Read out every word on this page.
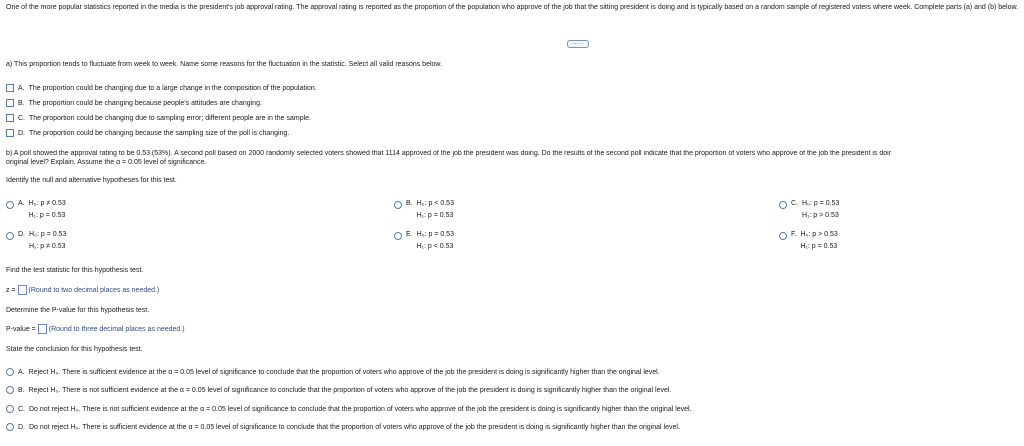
One of the more popular statistics reported in the media is the president's job approval rating. The approval rating is reported as the proportion of the population who approve of the job that the sitting president is doing and is typically based on a random sample of registered voters where week. Complete parts (a) and (b) below.
......
a) This proportion tends to fluctuate from week to week. Name some reasons for the fluctuation in the statistic. Select all valid reasons below.
A. The proportion could be changing due to a large change in the composition of the population.
B. The proportion could be changing because people's attitudes are changing.
C. The proportion could be changing due to sampling error; different people are in the sample.
D. The proportion could be changing because the sampling size of the poll is changing.
b) A poll showed the approval rating to be 0.53 (53%). A second poll based on 2000 randomly selected voters showed that 1114 approved of the job the president was doing. Do the results of the second poll indicate that the proportion of voters who approve of the job the president is doir
original level? Explain. Assume the α = 0.05 level of significance.
Identify the null and alternative hypotheses for this test.
A. H₀: p ≠ 0.53
H₁: p = 0.53
B. H₀: p < 0.53
H₁: p = 0.53
C. H₀: p = 0.53
H₁: p > 0.53
D. H₀: p = 0.53
H₁: p ≠ 0.53
E. H₀: p = 0.53
H₁: p < 0.53
F. H₀: p > 0.53
H₁: p = 0.53
Find the test statistic for this hypothesis test.
z = (Round to two decimal places as needed.)
Determine the P-value for this hypothesis test.
P-value = (Round to three decimal places as needed.)
State the conclusion for this hypothesis test.
A. Reject H₀. There is sufficient evidence at the α = 0.05 level of significance to conclude that the proportion of voters who approve of the job the president is doing is significantly higher than the original level.
B. Reject H₀. There is not sufficient evidence at the α = 0.05 level of significance to conclude that the proportion of voters who approve of the job the president is doing is significantly higher than the original level.
C. Do not reject H₀. There is not sufficient evidence at the α = 0.05 level of significance to conclude that the proportion of voters who approve of the job the president is doing is significantly higher than the original level.
D. Do not reject H₀. There is sufficient evidence at the α = 0.05 level of significance to conclude that the proportion of voters who approve of the job the president is doing is significantly higher than the original level.
